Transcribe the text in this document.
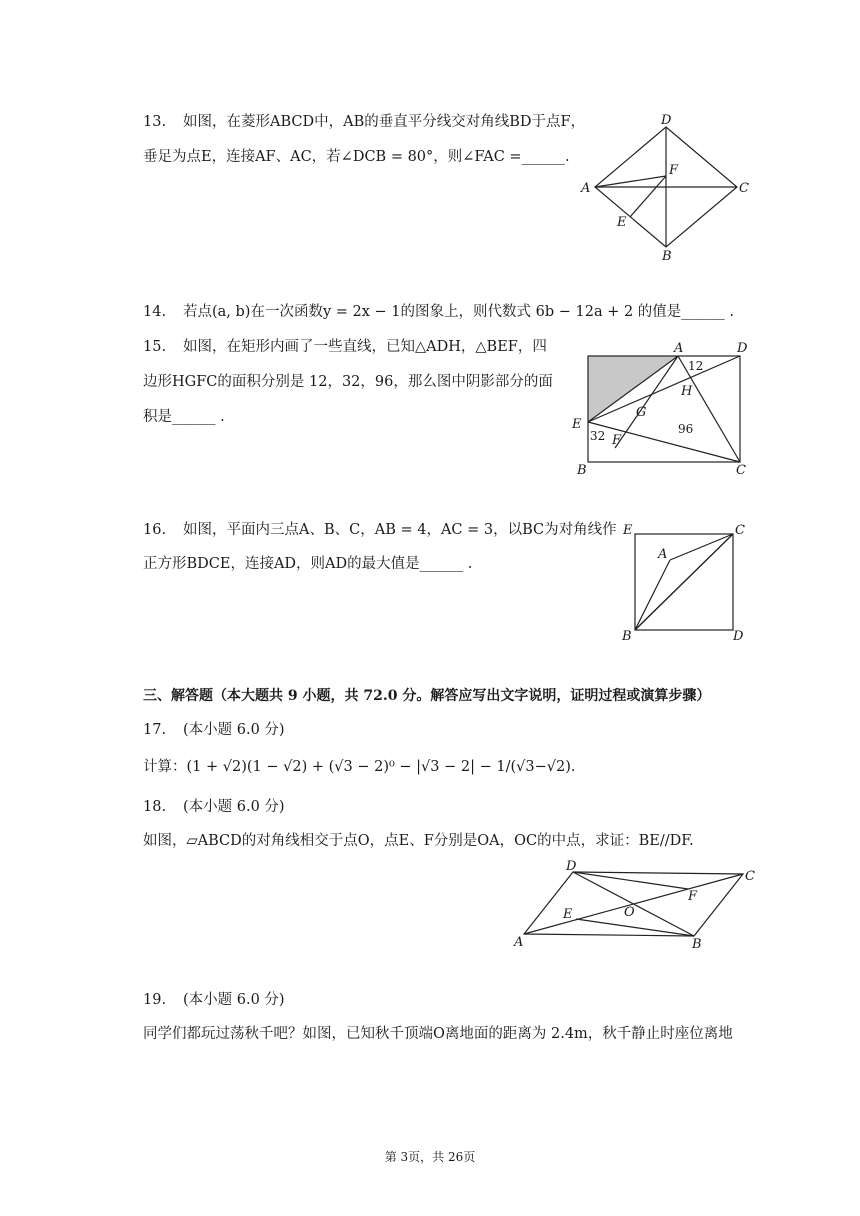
13. 如图，在菱形ABCD中，AB的垂直平分线交对角线BD于点F，
垂足为点E，连接AF、AC，若∠DCB = 80°，则∠FAC =______.
D
C
A
F
E
B
14. 若点(a, b)在一次函数y = 2x − 1的图象上，则代数式 6b − 12a + 2 的值是______ .
15. 如图，在矩形内画了一些直线，已知△ADH，△BEF，四
边形HGFC的面积分别是 12，32，96，那么图中阴影部分的面
积是______ .
A	D
E
B	C
G
H
F
12
32	96
16. 如图，平面内三点A、B、C，AB = 4，AC = 3，以BC为对角线作
正方形BDCE，连接AD，则AD的最大值是______ .
E	C
A
B	D
三、解答题（本大题共 9 小题，共 72.0 分。解答应写出文字说明，证明过程或演算步骤）
17. (本小题 6.0 分)
计算：(1 + √2)(1 − √2) + (√3 − 2)⁰ − |√3 − 2| − 1/(√3−√2).
18. (本小题 6.0 分)
如图，▱ABCD的对角线相交于点O，点E、F分别是OA，OC的中点，求证：BE//DF.
D
C
F
E	O
A	B
19. (本小题 6.0 分)
同学们都玩过荡秋千吧？如图，已知秋千顶端O离地面的距离为 2.4m，秋千静止时座位离地
第 3页，共 26页
